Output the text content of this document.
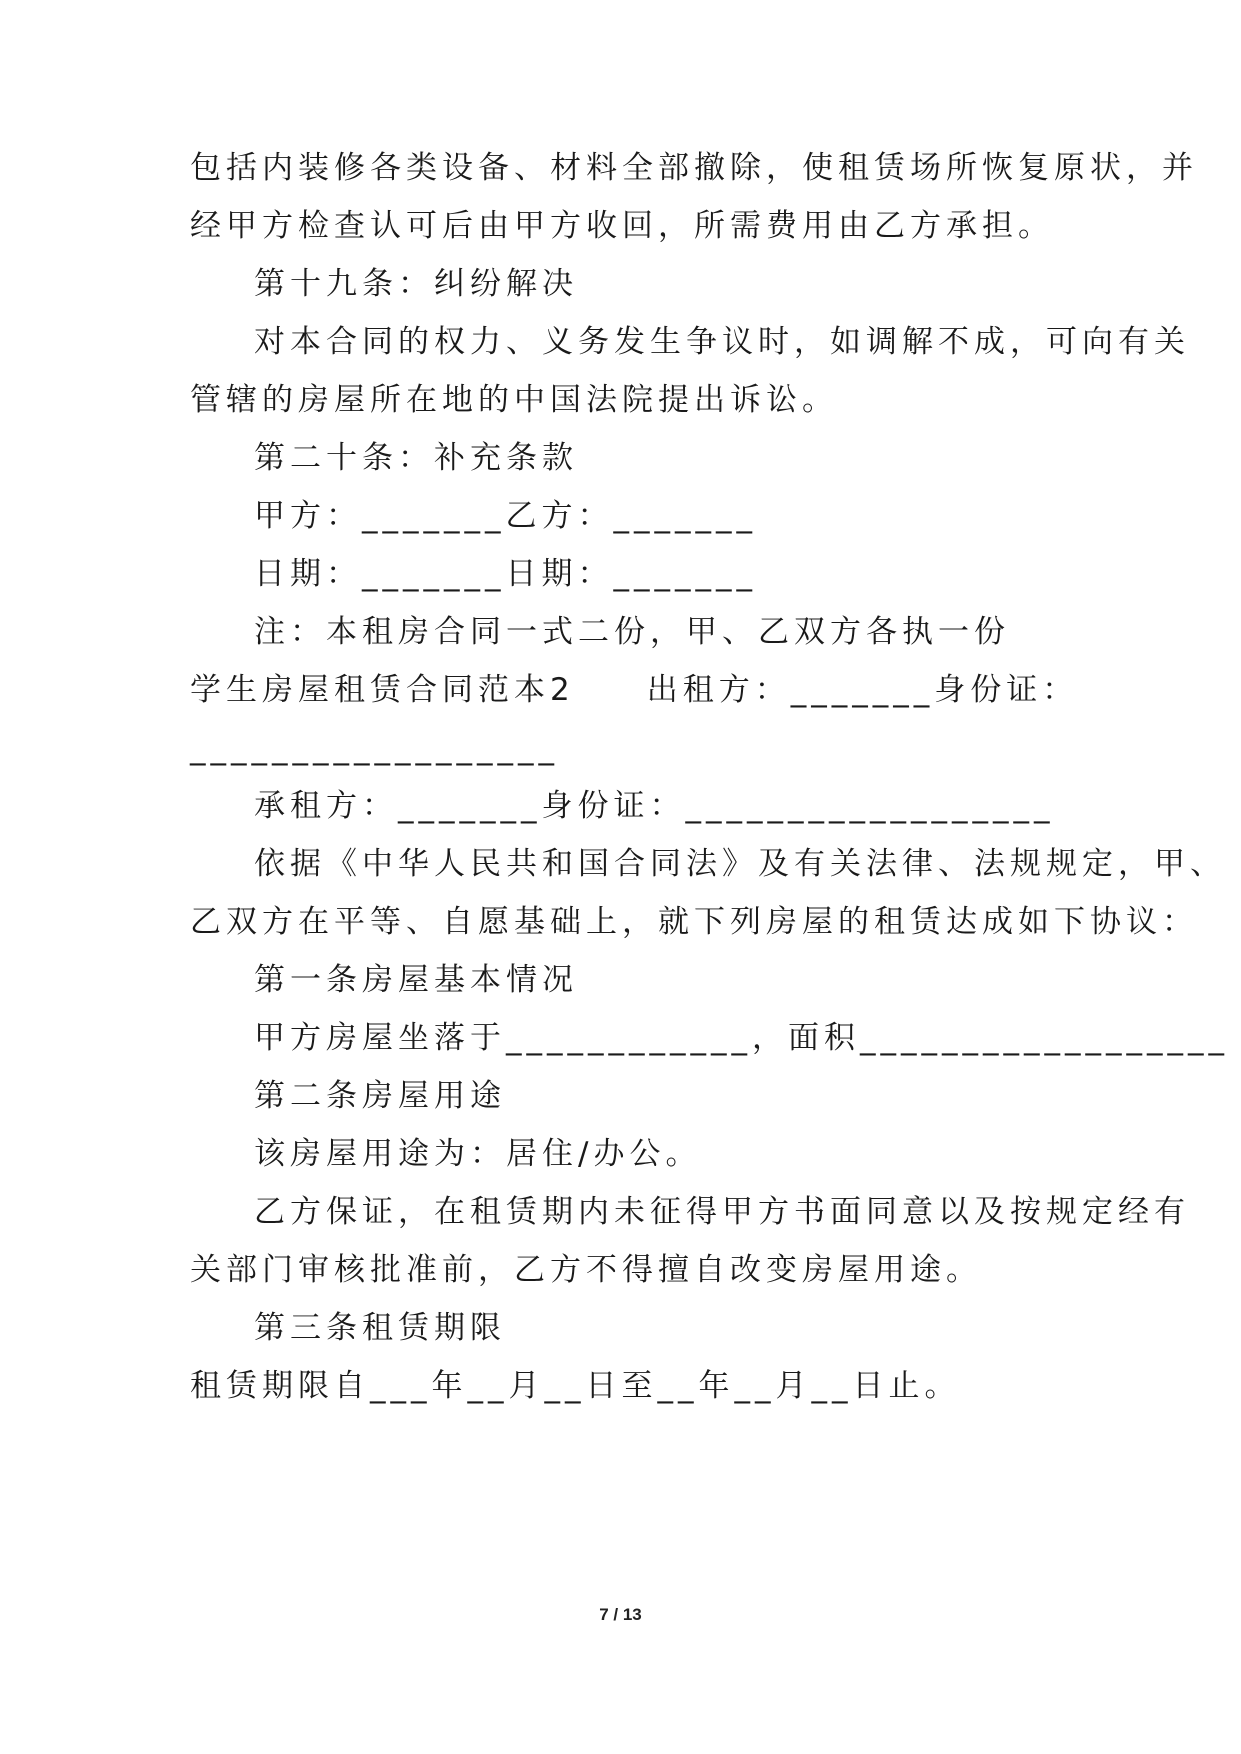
包括内装修各类设备、材料全部撤除，使租赁场所恢复原状，并

经甲方检查认可后由甲方收回，所需费用由乙方承担。

第十九条：纠纷解决

对本合同的权力、义务发生争议时，如调解不成，可向有关

管辖的房屋所在地的中国法院提出诉讼。

第二十条：补充条款

甲方：_______乙方：_______

日期：_______日期：_______

注：本租房合同一式二份，甲、乙双方各执一份

学生房屋租赁合同范本2　　出租方：_______身份证：

__________________

承租方：_______身份证：__________________

依据《中华人民共和国合同法》及有关法律、法规规定，甲、

乙双方在平等、自愿基础上，就下列房屋的租赁达成如下协议：

第一条房屋基本情况

甲方房屋坐落于____________，面积__________________

第二条房屋用途

该房屋用途为：居住/办公。

乙方保证，在租赁期内未征得甲方书面同意以及按规定经有

关部门审核批准前，乙方不得擅自改变房屋用途。

第三条租赁期限

租赁期限自___年__月__日至__年__月__日止。

7 / 13
